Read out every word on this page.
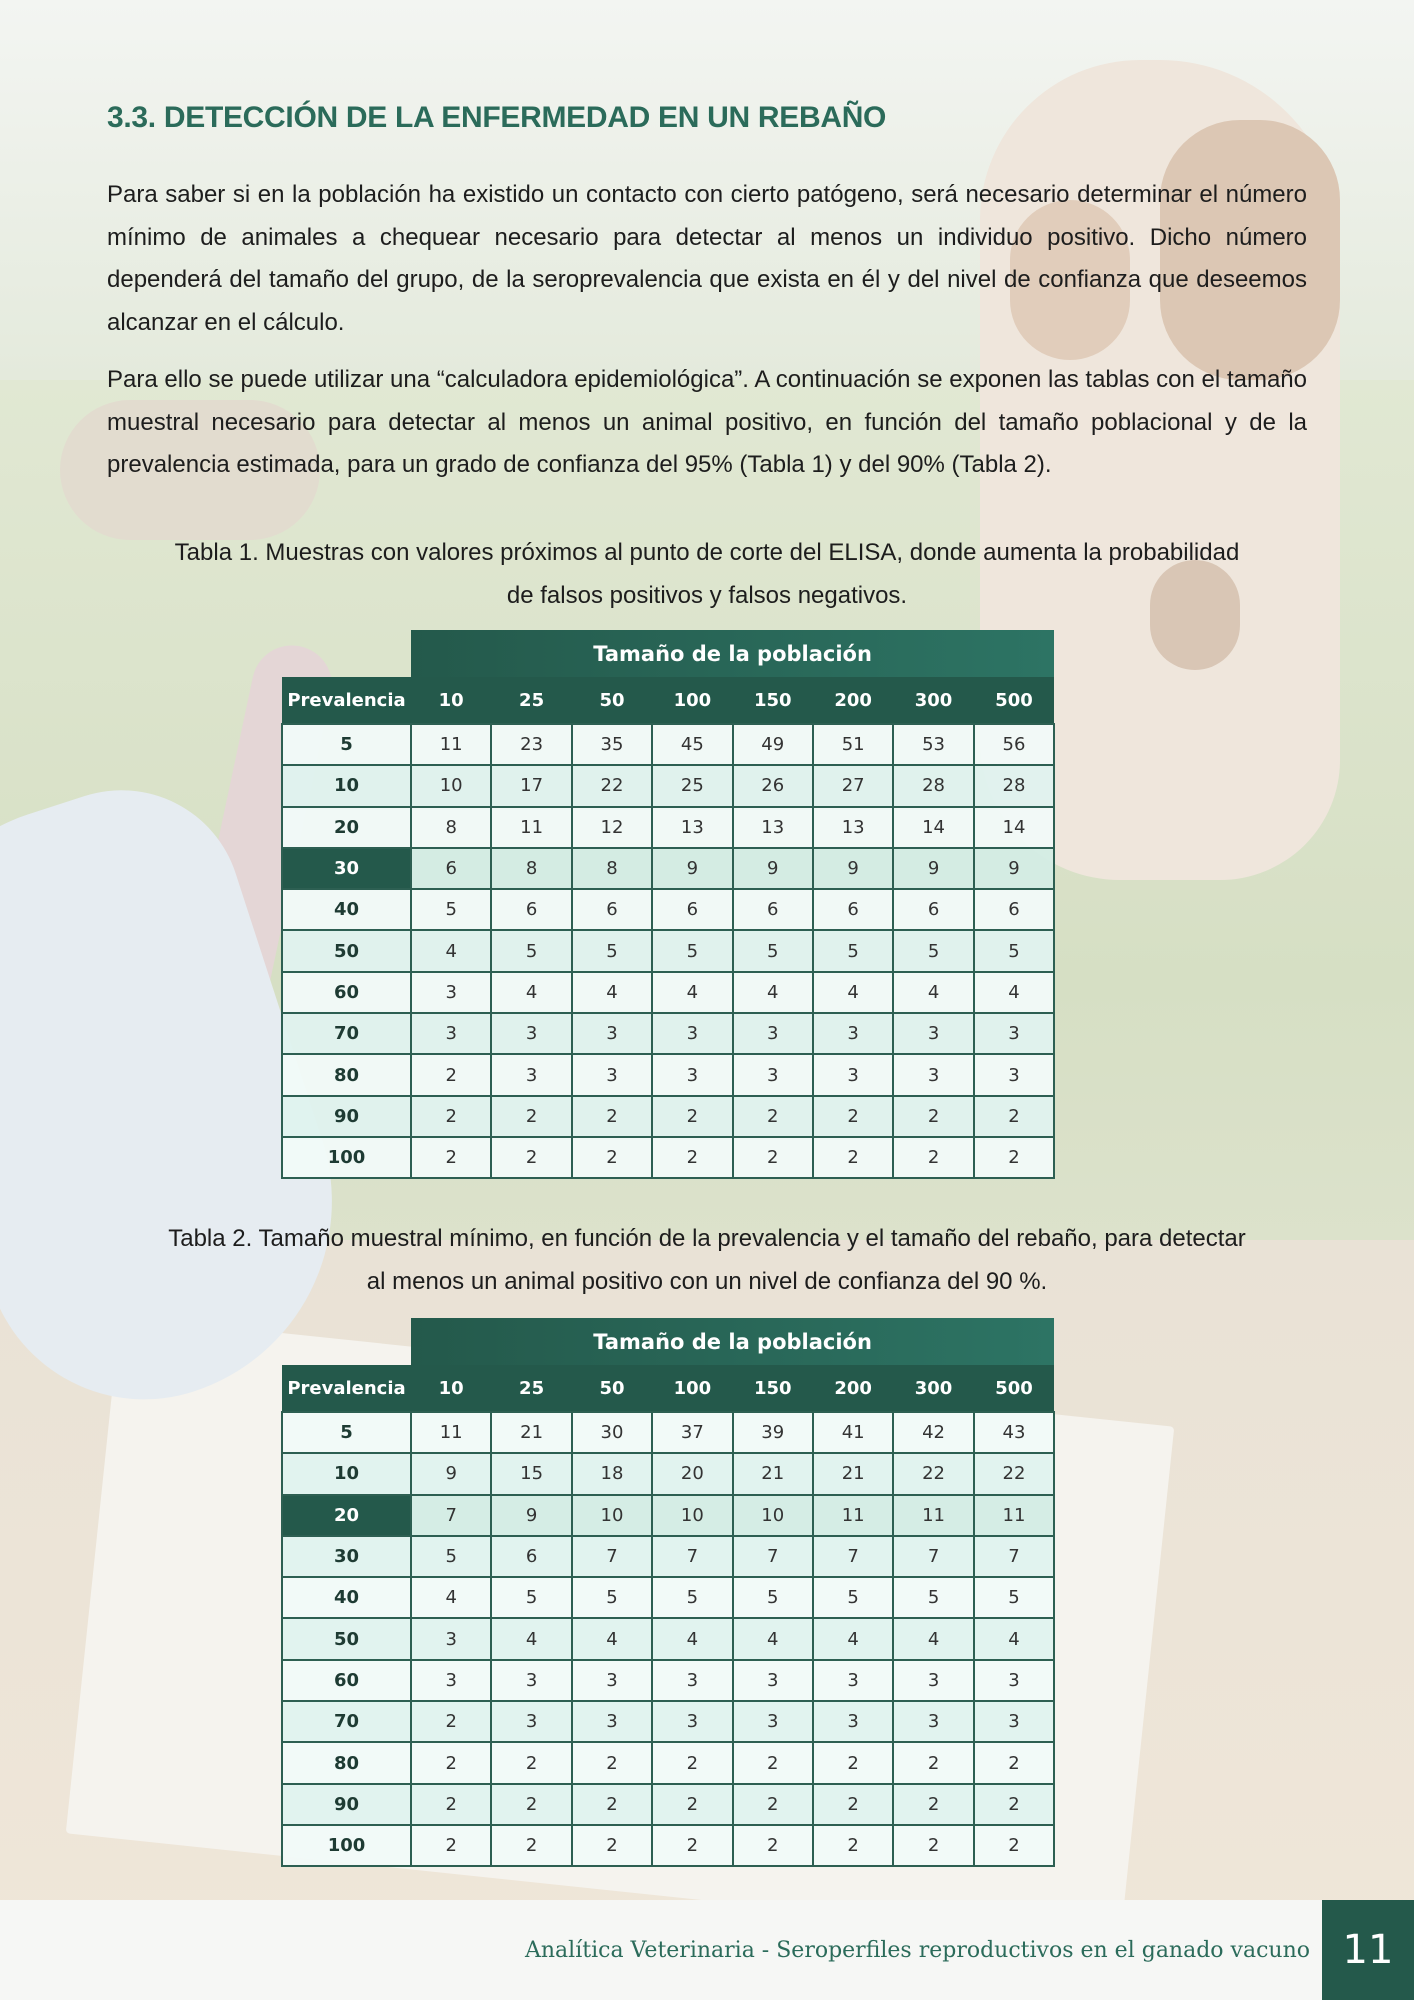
3.3. DETECCIÓN DE LA ENFERMEDAD EN UN REBAÑO

Para saber si en la población ha existido un contacto con cierto patógeno, será necesario determinar el número mínimo de animales a chequear necesario para detectar al menos un individuo positivo. Dicho número dependerá del tamaño del grupo, de la seroprevalencia que exista en él y del nivel de confianza que deseemos alcanzar en el cálculo.

Para ello se puede utilizar una “calculadora epidemiológica”. A continuación se exponen las tablas con el tamaño muestral necesario para detectar al menos un animal positivo, en función del tamaño poblacional y de la prevalencia estimada, para un grado de confianza del 95% (Tabla 1) y del 90% (Tabla 2).

Tabla 1. Muestras con valores próximos al punto de corte del ELISA, donde aumenta la probabilidad de falsos positivos y falsos negativos.

	Tamaño de la población							
Prevalencia	10	25	50	100	150	200	300	500
5	11	23	35	45	49	51	53	56
10	10	17	22	25	26	27	28	28
20	8	11	12	13	13	13	14	14
30	6	8	8	9	9	9	9	9
40	5	6	6	6	6	6	6	6
50	4	5	5	5	5	5	5	5
60	3	4	4	4	4	4	4	4
70	3	3	3	3	3	3	3	3
80	2	3	3	3	3	3	3	3
90	2	2	2	2	2	2	2	2
100	2	2	2	2	2	2	2	2

Tabla 2. Tamaño muestral mínimo, en función de la prevalencia y el tamaño del rebaño, para detectar al menos un animal positivo con un nivel de confianza del 90 %.

	Tamaño de la población							
Prevalencia	10	25	50	100	150	200	300	500
5	11	21	30	37	39	41	42	43
10	9	15	18	20	21	21	22	22
20	7	9	10	10	10	11	11	11
30	5	6	7	7	7	7	7	7
40	4	5	5	5	5	5	5	5
50	3	4	4	4	4	4	4	4
60	3	3	3	3	3	3	3	3
70	2	3	3	3	3	3	3	3
80	2	2	2	2	2	2	2	2
90	2	2	2	2	2	2	2	2
100	2	2	2	2	2	2	2	2
Analítica Veterinaria - Seroperfiles reproductivos en el ganado vacuno 11
